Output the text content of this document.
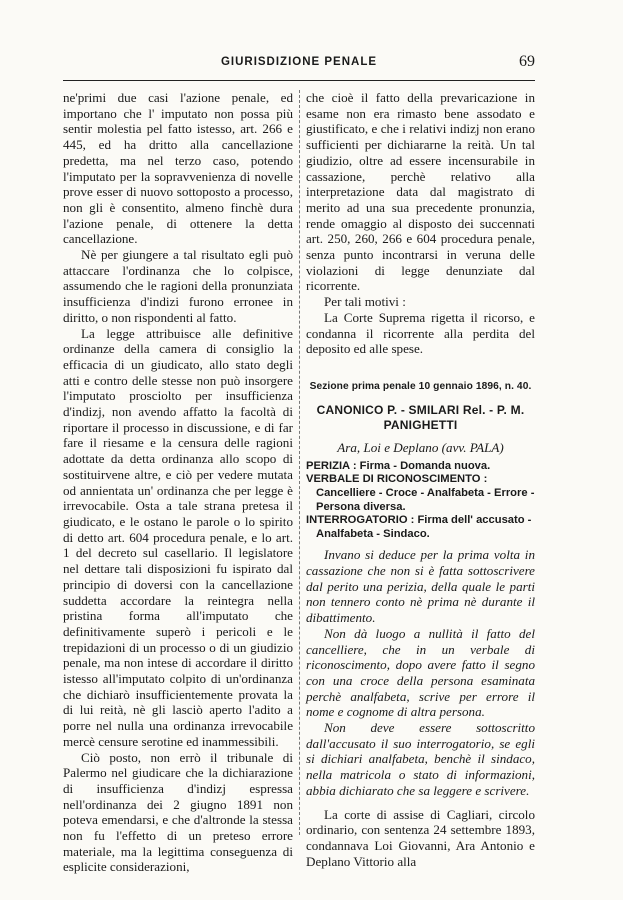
GIURISDIZIONE PENALE	69

ne'primi due casi l'azione penale, ed importano che l' imputato non possa più sentir molestia pel fatto istesso, art. 266 e 445, ed ha dritto alla cancellazione predetta, ma nel terzo caso, potendo l'imputato per la sopravvenienza di novelle prove esser di nuovo sottoposto a processo, non gli è consentito, almeno finchè dura l'azione penale, di ottenere la detta cancellazione.

Nè per giungere a tal risultato egli può attaccare l'ordinanza che lo colpisce, assumendo che le ragioni della pronunziata insufficienza d'indizi furono erronee in diritto, o non rispondenti al fatto.

La legge attribuisce alle definitive ordinanze della camera di consiglio la efficacia di un giudicato, allo stato degli atti e contro delle stesse non può insorgere l'imputato prosciolto per insufficienza d'indizj, non avendo affatto la facoltà di riportare il processo in discussione, e di far fare il riesame e la censura delle ragioni adottate da detta ordinanza allo scopo di sostituirvene altre, e ciò per vedere mutata od annientata un' ordinanza che per legge è irrevocabile. Osta a tale strana pretesa il giudicato, e le ostano le parole o lo spirito di detto art. 604 procedura penale, e lo art. 1 del decreto sul casellario. Il legislatore nel dettare tali disposizioni fu ispirato dal principio di doversi con la cancellazione suddetta accordare la reintegra nella pristina forma all'imputato che definitivamente superò i pericoli e le trepidazioni di un processo o di un giudizio penale, ma non intese di accordare il diritto istesso all'imputato colpito di un'ordinanza che dichiarò insufficientemente provata la di lui reità, nè gli lasciò aperto l'adito a porre nel nulla una ordinanza irrevocabile mercè censure serotine ed inammessibili.

Ciò posto, non errò il tribunale di Palermo nel giudicare che la dichiarazione di insufficienza d'indizj espressa nell'ordinanza dei 2 giugno 1891 non poteva emendarsi, e che d'altronde la stessa non fu l'effetto di un preteso errore materiale, ma la legittima conseguenza di esplicite considerazioni,

che cioè il fatto della prevaricazione in esame non era rimasto bene assodato e giustificato, e che i relativi indizj non erano sufficienti per dichiararne la reità. Un tal giudizio, oltre ad essere incensurabile in cassazione, perchè relativo alla interpretazione data dal magistrato di merito ad una sua precedente pronunzia, rende omaggio al disposto dei succennati art. 250, 260, 266 e 604 procedura penale, senza punto incontrarsi in veruna delle violazioni di legge denunziate dal ricorrente.

Per tali motivi :

La Corte Suprema rigetta il ricorso, e condanna il ricorrente alla perdita del deposito ed alle spese.

Sezione prima penale 10 gennaio 1896, n. 40.

CANONICO P. - SMILARI Rel. - P. M. PANIGHETTI

Ara, Loi e Deplano (avv. PALA)

PERIZIA : Firma - Domanda nuova.
VERBALE DI RICONOSCIMENTO : Cancelliere - Croce - Analfabeta - Errore - Persona diversa.
INTERROGATORIO : Firma dell' accusato - Analfabeta - Sindaco.

Invano si deduce per la prima volta in cassazione che non si è fatta sottoscrivere dal perito una perizia, della quale le parti non tennero conto nè prima nè durante il dibattimento.

Non dà luogo a nullità il fatto del cancelliere, che in un verbale di riconoscimento, dopo avere fatto il segno con una croce della persona esaminata perchè analfabeta, scrive per errore il nome e cognome di altra persona.

Non deve essere sottoscritto dall'accusato il suo interrogatorio, se egli si dichiari analfabeta, benchè il sindaco, nella matricola o stato di informazioni, abbia dichiarato che sa leggere e scrivere.

La corte di assise di Cagliari, circolo ordinario, con sentenza 24 settembre 1893, condannava Loi Giovanni, Ara Antonio e Deplano Vittorio alla
